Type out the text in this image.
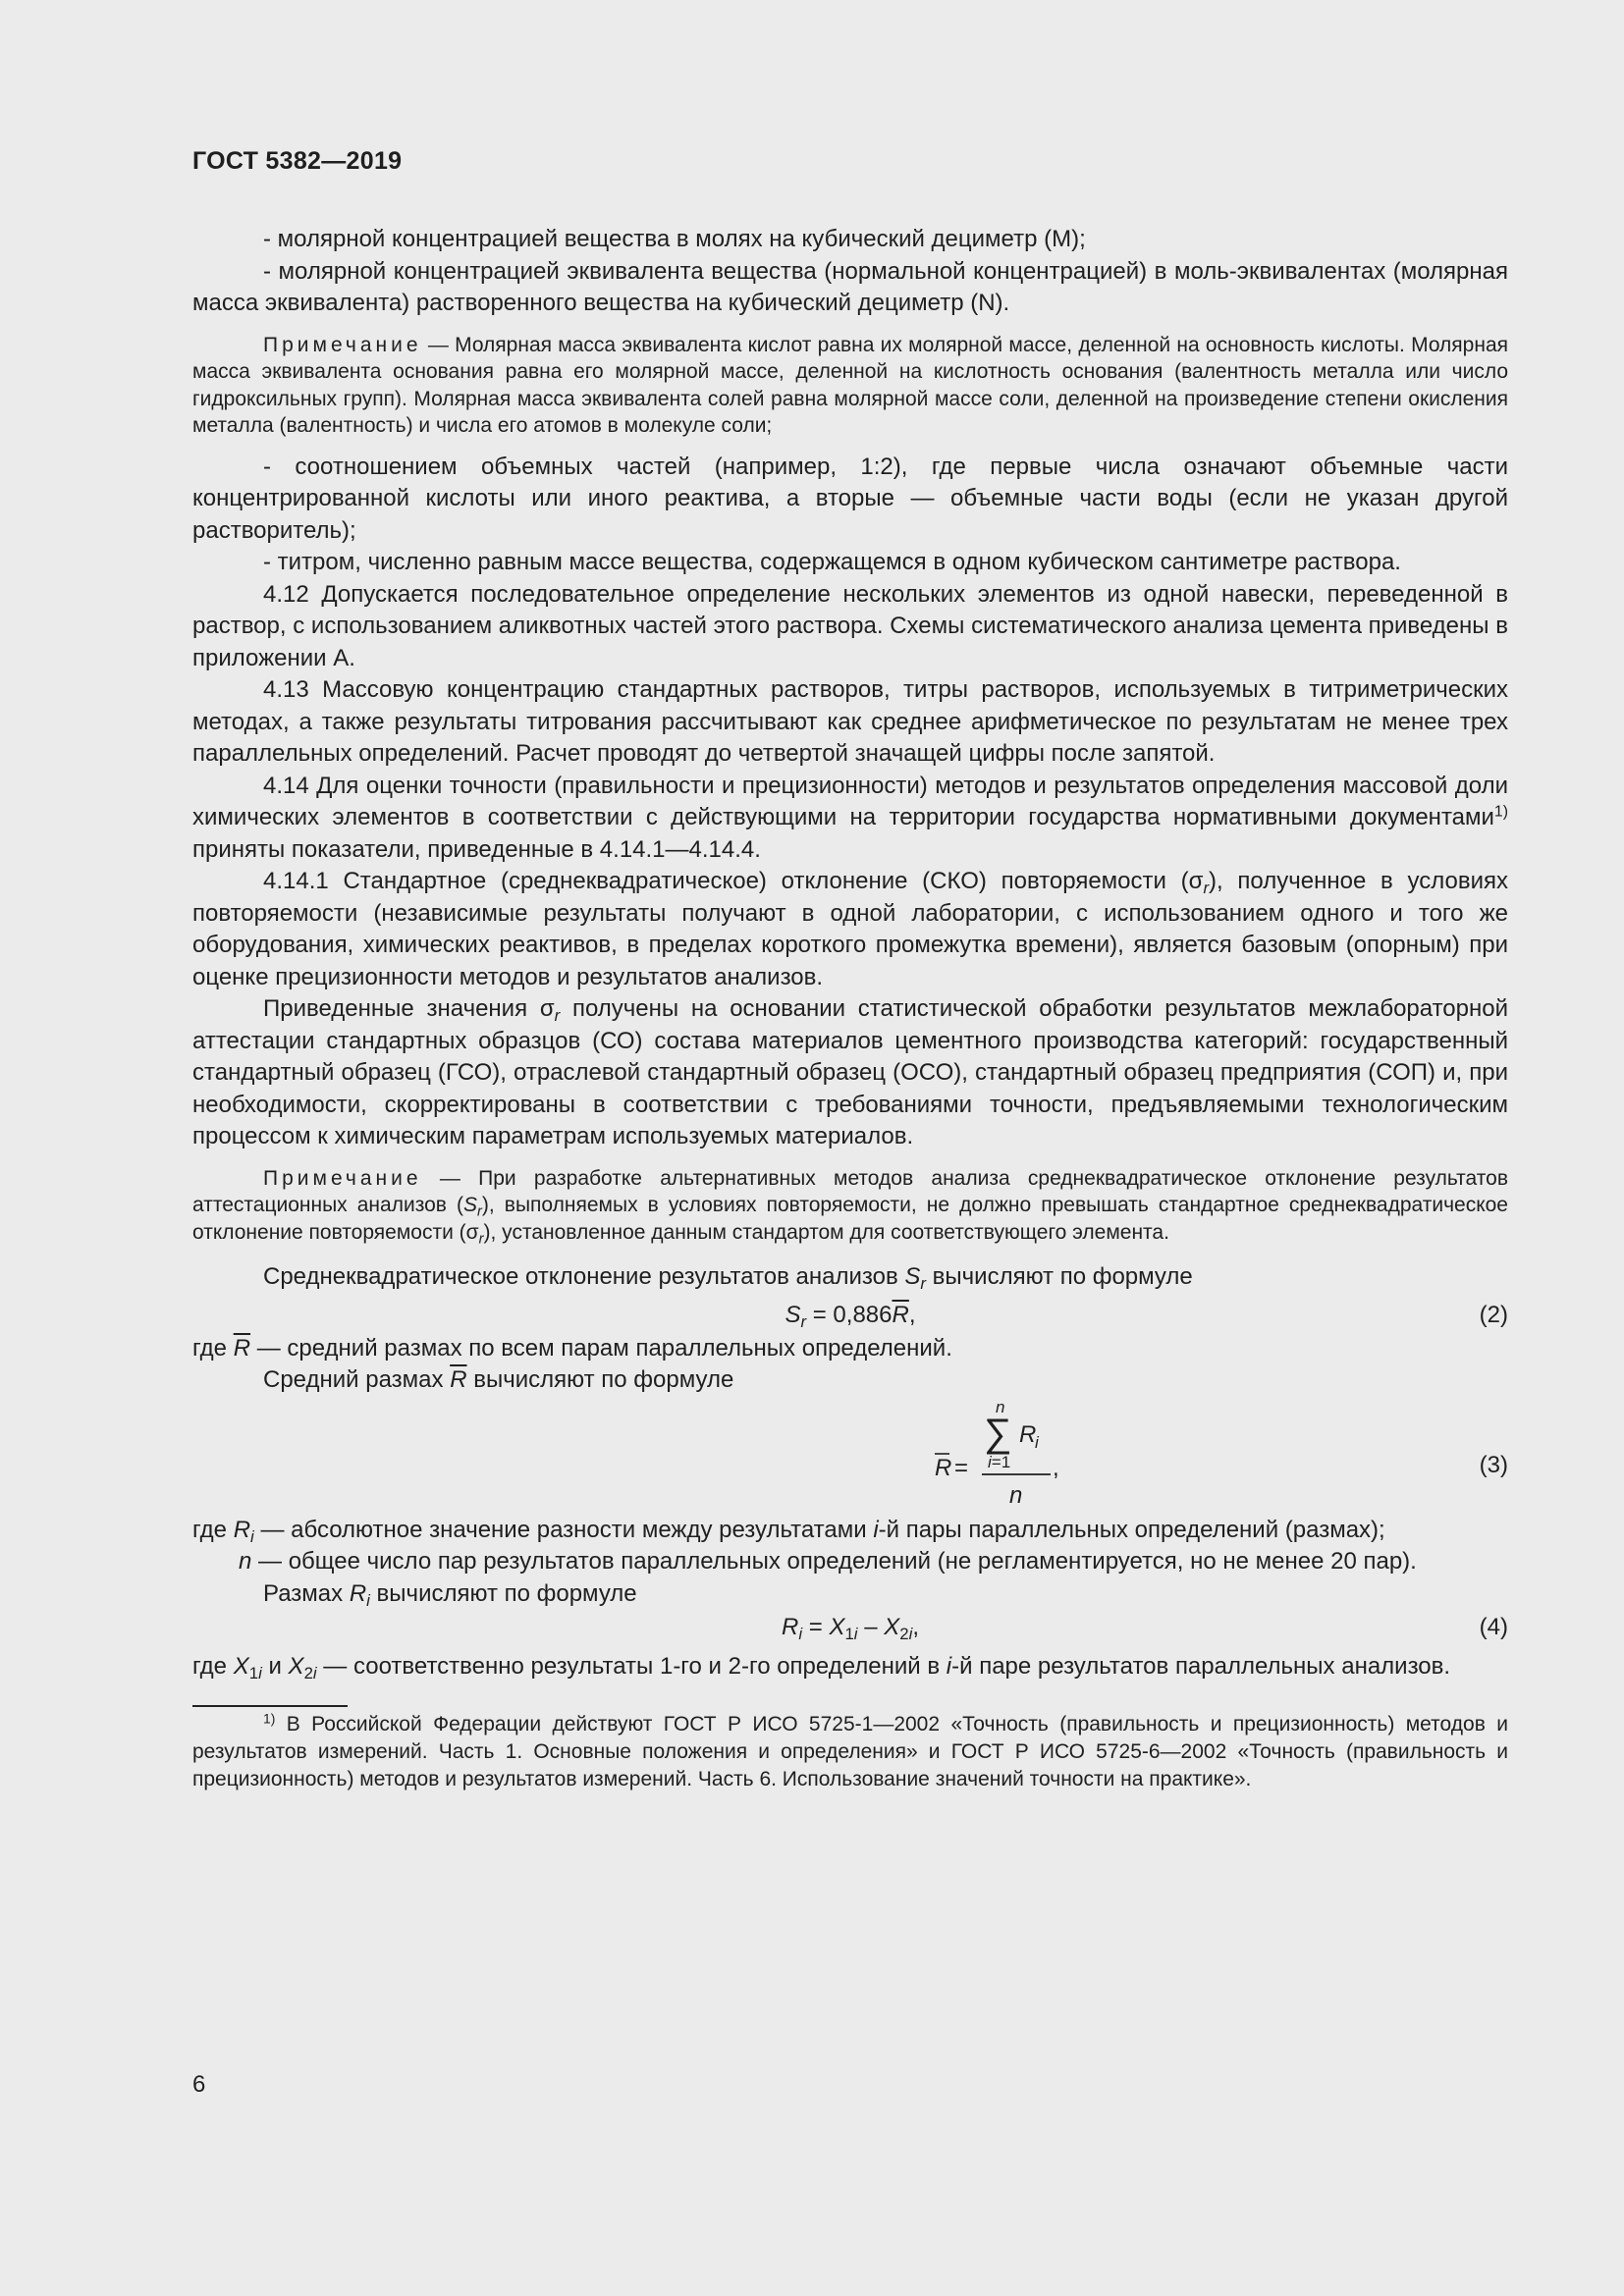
ГОСТ 5382—2019

- молярной концентрацией вещества в молях на кубический дециметр (M);

- молярной концентрацией эквивалента вещества (нормальной концентрацией) в моль-эквивалентах (молярная масса эквивалента) растворенного вещества на кубический дециметр (N).

Примечание — Молярная масса эквивалента кислот равна их молярной массе, деленной на основность кислоты. Молярная масса эквивалента основания равна его молярной массе, деленной на кислотность основания (валентность металла или число гидроксильных групп). Молярная масса эквивалента солей равна молярной массе соли, деленной на произведение степени окисления металла (валентность) и числа его атомов в молекуле соли;

- соотношением объемных частей (например, 1:2), где первые числа означают объемные части концентрированной кислоты или иного реактива, а вторые — объемные части воды (если не указан другой растворитель);

- титром, численно равным массе вещества, содержащемся в одном кубическом сантиметре раствора.

4.12 Допускается последовательное определение нескольких элементов из одной навески, переведенной в раствор, с использованием аликвотных частей этого раствора. Схемы систематического анализа цемента приведены в приложении А.

4.13 Массовую концентрацию стандартных растворов, титры растворов, используемых в титриметрических методах, а также результаты титрования рассчитывают как среднее арифметическое по результатам не менее трех параллельных определений. Расчет проводят до четвертой значащей цифры после запятой.

4.14 Для оценки точности (правильности и прецизионности) методов и результатов определения массовой доли химических элементов в соответствии с действующими на территории государства нормативными документами$^{1)}$ приняты показатели, приведенные в 4.14.1—4.14.4.

4.14.1 Стандартное (среднеквадратическое) отклонение (СКО) повторяемости $(\sigma_r)$, полученное в условиях повторяемости (независимые результаты получают в одной лаборатории, с использованием одного и того же оборудования, химических реактивов, в пределах короткого промежутка времени), является базовым (опорным) при оценке прецизионности методов и результатов анализов.

Приведенные значения $\sigma_r$ получены на основании статистической обработки результатов межлабораторной аттестации стандартных образцов (СО) состава материалов цементного производства категорий: государственный стандартный образец (ГСО), отраслевой стандартный образец (ОСО), стандартный образец предприятия (СОП) и, при необходимости, скорректированы в соответствии с требованиями точности, предъявляемыми технологическим процессом к химическим параметрам используемых материалов.

Примечание — При разработке альтернативных методов анализа среднеквадратическое отклонение результатов аттестационных анализов $(S_r)$, выполняемых в условиях повторяемости, не должно превышать стандартное среднеквадратическое отклонение повторяемости $(\sigma_r)$, установленное данным стандартом для соответствующего элемента.

Среднеквадратическое отклонение результатов анализов $S_r$ вычисляют по формуле

$S_r = 0,886\overline{R}$,	(2)

где $\overline{R}$ — средний размах по всем парам параллельных определений.

Средний размах $\overline{R}$ вычисляют по формуле

R =
n
∑ R
i
i=1
n
,	(3)

где $R_i$ — абсолютное значение разности между результатами i-й пары параллельных определений (размах);

n — общее число пар результатов параллельных определений (не регламентируется, но не менее 20 пар).

Размах $R_i$ вычисляют по формуле

$R_i = X_{1i} - X_{2i}$,	(4)

где $X_{1i}$ и $X_{2i}$ — соответственно результаты 1-го и 2-го определений в i-й паре результатов параллельных анализов.

$^{1)}$ В Российской Федерации действуют ГОСТ Р ИСО 5725-1—2002 «Точность (правильность и прецизионность) методов и результатов измерений. Часть 1. Основные положения и определения» и ГОСТ Р ИСО 5725-6—2002 «Точность (правильность и прецизионность) методов и результатов измерений. Часть 6. Использование значений точности на практике».

6
